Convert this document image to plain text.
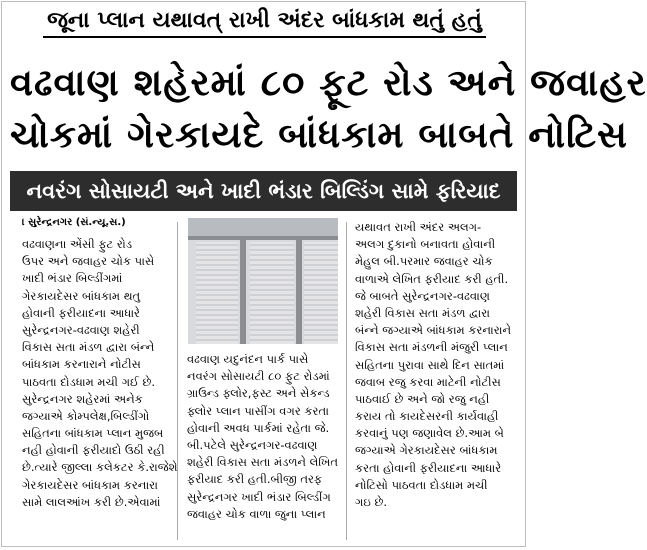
જૂના પ્લાન યથાવત્ રાખી અંદર બાંધકામ થતું હતું
વઢવાણ શહેરમાં ૮૦ ફૂટ રોડ અને જવાહર
ચોકમાં ગેરકાયદે બાંધકામ બાબતે નોટિસ
નવરંગ સોસાયટી અને ખાદી ભંડાર બિલ્ડિંગ સામે ફરિયાદ
। સુરેન્દ્રનગર (સં.ન્યૂ.સ.)
વઢવાણના એંસી ફુટ રોડ
ઉપર અને જવાહર ચોક પાસે
ખાદી ભંડાર બિલ્ડીંગમાં
ગેરકાયદેસર બાંધકામ થતુ
હોવાની ફરીયાદના આધારે
સુરેન્દ્રનગર-વઢવાણ શહેરી
વિકાસ સતા મંડળ દ્વારા બંન્ને
બાંધકામ કરનારાને નોટીસ
પાઠવતા દોડધામ મચી ગઈ છે.
સુરેન્દ્રનગર શહેરમાં અનેક
જગ્યાએ કોમ્પલેક્ષ,બિલ્ડીંગો
સહિતના બાંધકામ પ્લાન મુજબ
નહી હોવાની ફરીયાદો ઉઠી રહી
છે.ત્યારે જીલ્લા કલેકટર કે.રાજેશે
ગેરકાયદેસર બાંધકામ કરનારા
સામે લાલઆંખ કરી છે.એવામાં
વઢવાણ યદુનંદન પાર્ક પાસે
નવરંગ સોસાયટી ૮૦ ફુટ રોડમાં
ગ્રાઉન્ડ ફ્લોર,ફસ્ટ અને સેકન્ડ
ફ્લોર પ્લાન પાસીંગ વગર કરતા
હોવાની અવધ પાર્કમાં રહેતા જે.
બી.પટેલે સુરેન્દ્રનગર-વઢવાણ
શહેરી વિકાસ સતા મંડળને લેખિત
ફરીયાદ કરી હતી.બીજી તરફ
સુરેન્દ્રનગર ખાદી ભંડાર બિલ્ડીંગ
જવાહર ચોક વાળા જુના પ્લાન
યથાવત રાખી અંદર અલગ-
અલગ દુકાનો બનાવતા હોવાની
મેહુલ બી.પરમાર જવાહર ચોક
વાળાએ લેખિત ફરીયાદ કરી હતી.
જે બાબતે સુરેન્દ્રનગર-વઢવાણ
શહેરી વિકાસ સતા મંડળ દ્વારા
બંન્ને જગ્યાએ બાંધકામ કરનારાને
વિકાસ સતા મંડળની મંજુરી પ્લાન
સહિતના પુરાવા સાથે દિન સાતમાં
જવાબ રજુ કરવા માટેની નોટીસ
પાઠવાઈ છે અને જો રજુ નહી
કરાય તો કાયદેસરની કાર્યવાહી
કરવાનું પણ જણાવેલ છે.આમ બે
જગ્યાએ ગેરકાયદેસર બાંધકામ
કરતા હોવાની ફરીયાદના આધારે
નોટિસો પાઠવતા દોડધામ મચી
ગઇ છે.
